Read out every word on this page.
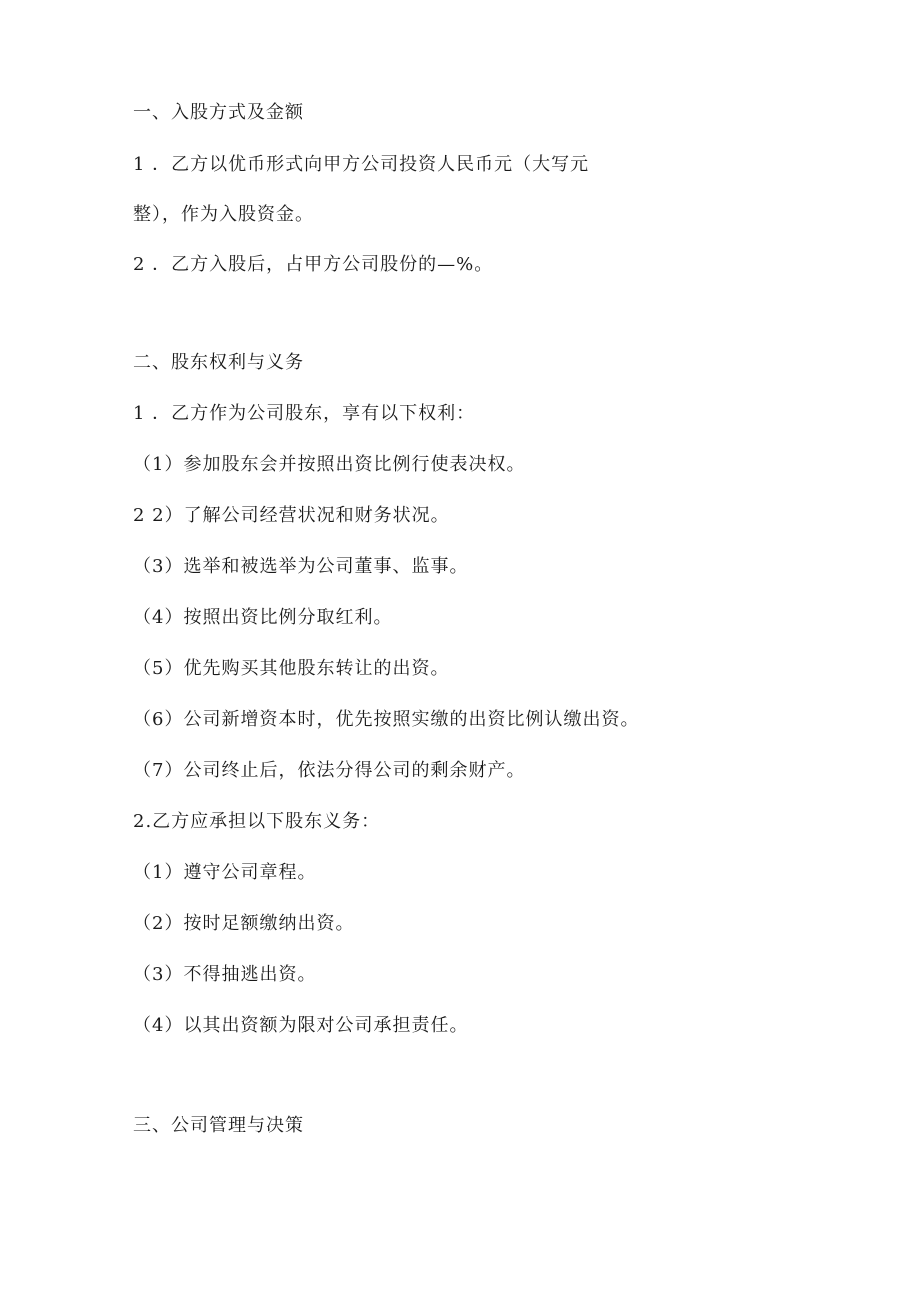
一、入股方式及金额
1 ．乙方以优币形式向甲方公司投资人民币元（大写元
整），作为入股资金。
2 ．乙方入股后，占甲方公司股份的—%。
二、股东权利与义务
1 ．乙方作为公司股东，享有以下权利：
（1）参加股东会并按照出资比例行使表决权。
2 2）了解公司经营状况和财务状况。
（3）选举和被选举为公司董事、监事。
（4）按照出资比例分取红利。
（5）优先购买其他股东转让的出资。
（6）公司新增资本时，优先按照实缴的出资比例认缴出资。
（7）公司终止后，依法分得公司的剩余财产。
2.乙方应承担以下股东义务：
（1）遵守公司章程。
（2）按时足额缴纳出资。
（3）不得抽逃出资。
（4）以其出资额为限对公司承担责任。
三、公司管理与决策
